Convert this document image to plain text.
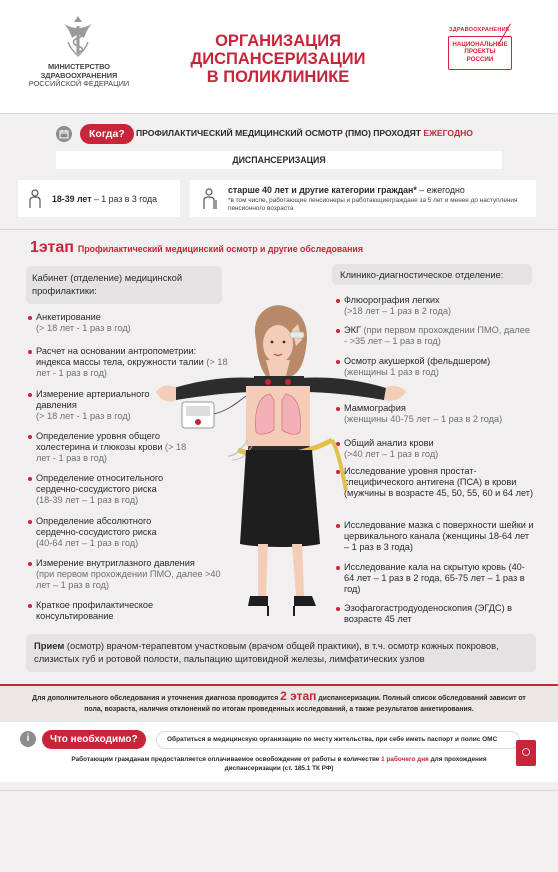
МИНИСТЕРСТВО
ЗДРАВООХРАНЕНИЯ
РОССИЙСКОЙ ФЕДЕРАЦИИ
ОРГАНИЗАЦИЯ
ДИСПАНСЕРИЗАЦИИ
В ПОЛИКЛИНИКЕ
ЗДРАВООХРАНЕНИЕ
НАЦИОНАЛЬНЫЕ
ПРОЕКТЫ
РОССИИ
Когда?	ПРОФИЛАКТИЧЕСКИЙ МЕДИЦИНСКИЙ ОСМОТР (ПМО) ПРОХОДЯТ ЕЖЕГОДНО
ДИСПАНСЕРИЗАЦИЯ
18-39 лет – 1 раз в 3 года
старше 40 лет и другие категории граждан* – ежегодно
*в том числе, работающие пенсионеры и работающиеграждане за 5 лет и менее до наступления пенсионного возраста
1этап Профилактический медицинский осмотр и другие обследования
Кабинет (отделение) медицинской профилактики:
Клинико-диагностическое отделение:
Анкетирование
(> 18 лет - 1 раз в год)
Расчет на основании антропометрии: индекса массы тела, окружности талии (> 18 лет - 1 раз в год)
Измерение артериального давления
(> 18 лет - 1 раз в год)
Определение уровня общего холестерина и глюкозы крови (> 18 лет - 1 раз в год)
Определение относительного сердечно-сосудистого риска
(18-39 лет – 1 раз в год)
Определение абсолютного сердечно-сосудистого риска
(40-64 лет – 1 раз в год)
Измерение внутриглазного давления
(при первом прохождении ПМО, далее >40 лет – 1 раз в год)
Краткое профилактическое консультирование
Флюорография легких
(>18 лет – 1 раз в 2 года)
ЭКГ (при первом прохождении ПМО, далее - >35 лет – 1 раз в год)
Осмотр акушеркой (фельдшером)
(женщины 1 раз в год)
Маммография
(женщины 40-75 лет – 1 раз в 2 года)
Общий анализ крови
(>40 лет – 1 раз в год)
Исследование уровня простат-специфического антигена (ПСА) в крови (мужчины в возрасте 45, 50, 55, 60 и 64 лет)
Исследование мазка с поверхности шейки и цервикального канала (женщины 18-64 лет – 1 раз в 3 года)
Исследование кала на скрытую кровь (40-64 лет – 1 раз в 2 года, 65-75 лет – 1 раз в год)
Эзофагогастродуоденоскопия (ЭГДС) в возрасте 45 лет
Прием (осмотр) врачом-терапевтом участковым (врачом общей практики), в т.ч. осмотр кожных покровов, слизистых губ и ротовой полости, пальпацию щитовидной железы, лимфатических узлов
Для дополнительного обследования и уточнения диагноза проводится 2 этап диспансеризации. Полный список обследований зависит от пола, возраста, наличия отклонений по итогам проведенных исследований, а также результатов анкетирования.
i	Что необходимо?	Обратиться в медицинскую организацию по месту жительства, при себе иметь паспорт и полис ОМС
Работающим гражданам предоставляется оплачиваемое освобождение от работы в количестве 1 рабочего дня для прохождения диспансеризации (ст. 185.1 ТК РФ)
